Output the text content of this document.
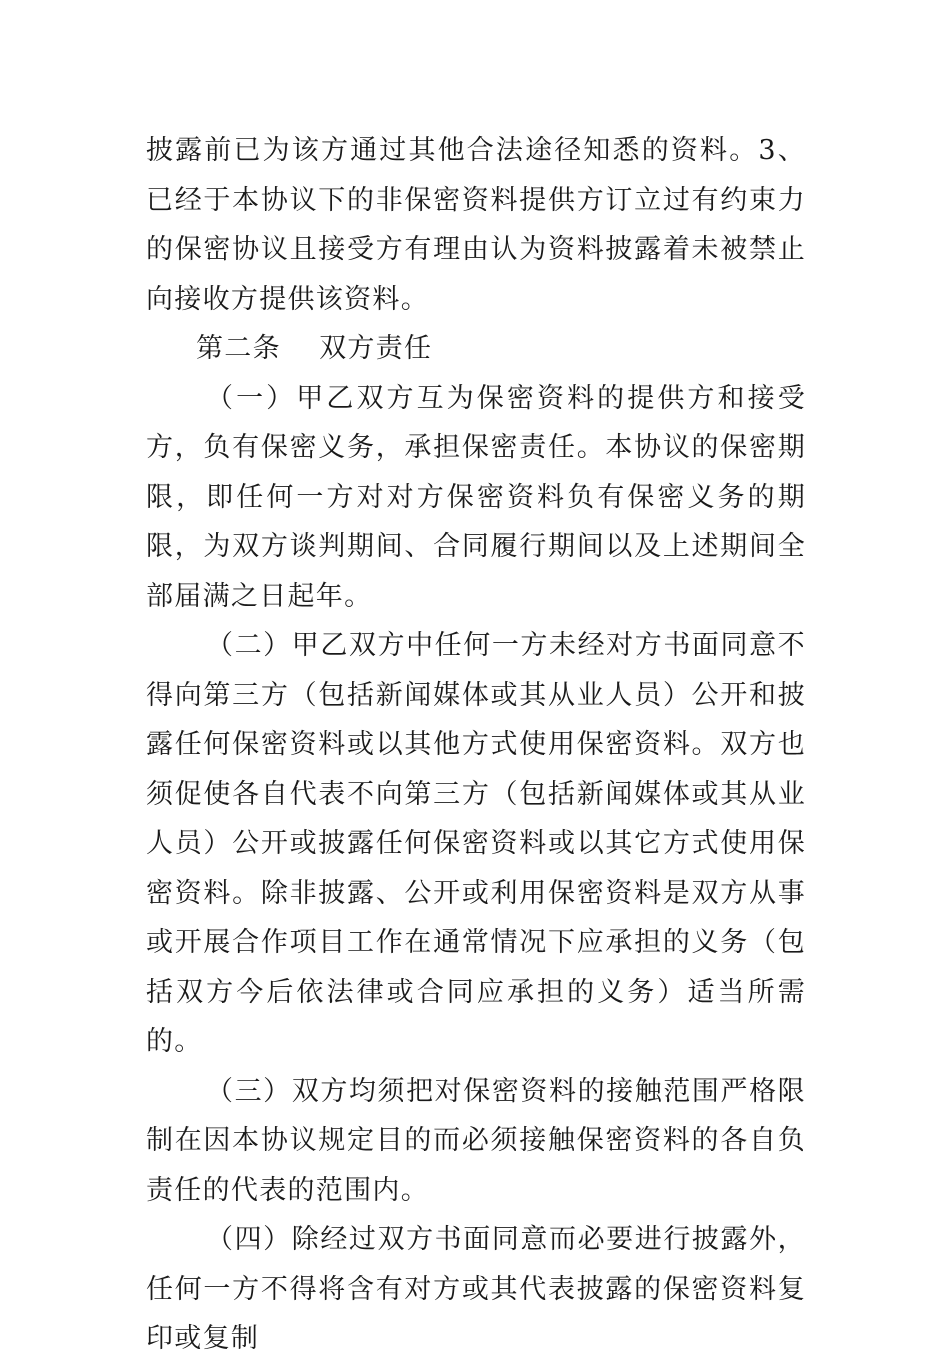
披露前已为该方通过其他合法途径知悉的资料。3、已经于本协议下的非保密资料提供方订立过有约束力的保密协议且接受方有理由认为资料披露着未被禁止向接收方提供该资料。

第二条　 双方责任

（一）甲乙双方互为保密资料的提供方和接受方，负有保密义务，承担保密责任。本协议的保密期限，即任何一方对对方保密资料负有保密义务的期限，为双方谈判期间、合同履行期间以及上述期间全部届满之日起年。

（二）甲乙双方中任何一方未经对方书面同意不得向第三方（包括新闻媒体或其从业人员）公开和披露任何保密资料或以其他方式使用保密资料。双方也须促使各自代表不向第三方（包括新闻媒体或其从业人员）公开或披露任何保密资料或以其它方式使用保密资料。除非披露、公开或利用保密资料是双方从事或开展合作项目工作在通常情况下应承担的义务（包括双方今后依法律或合同应承担的义务）适当所需的。

（三）双方均须把对保密资料的接触范围严格限制在因本协议规定目的而必须接触保密资料的各自负责任的代表的范围内。

（四）除经过双方书面同意而必要进行披露外，任何一方不得将含有对方或其代表披露的保密资料复印或复制
